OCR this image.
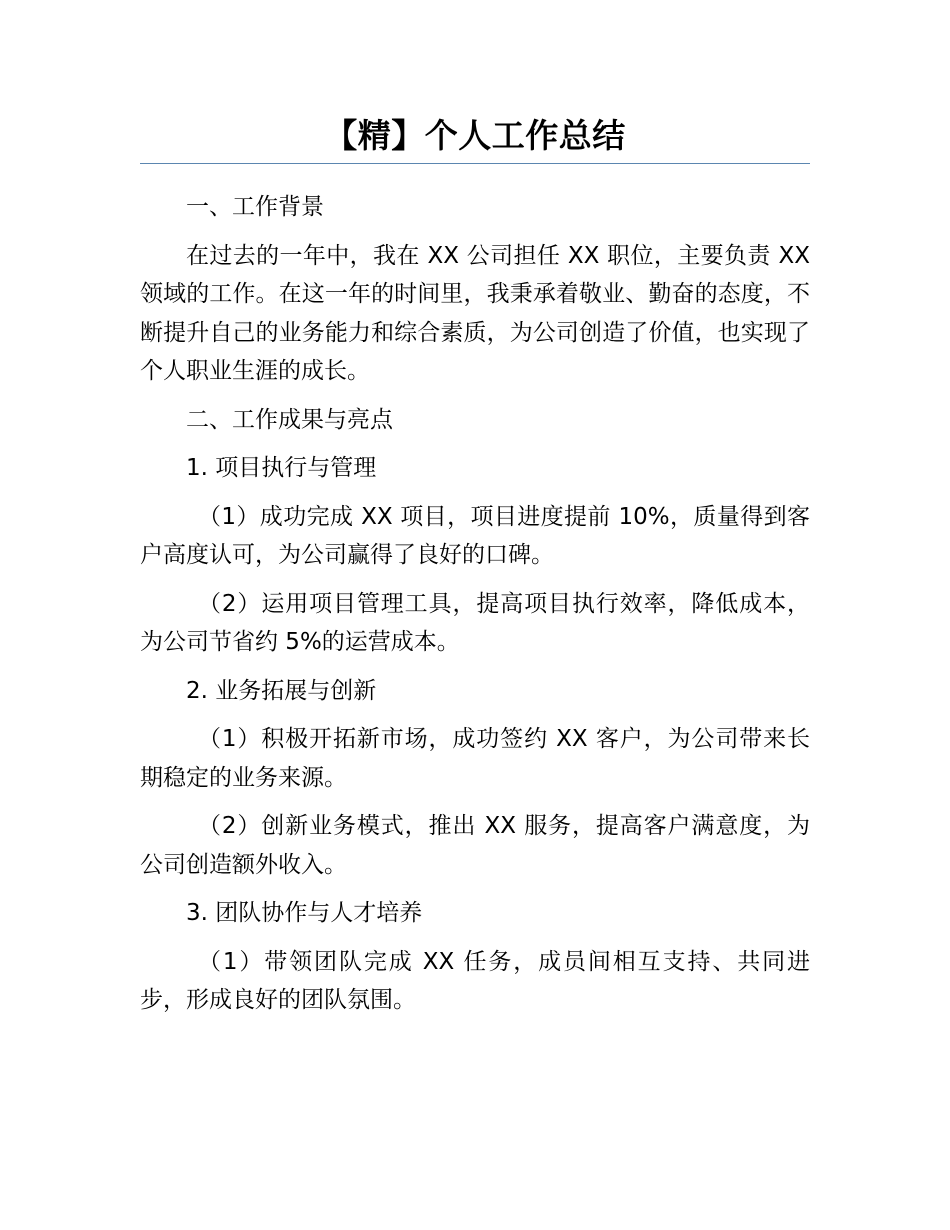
【精】个人工作总结

一、工作背景

在过去的一年中，我在 XX 公司担任 XX 职位，主要负责 XX 领域的工作。在这一年的时间里，我秉承着敬业、勤奋的态度，不断提升自己的业务能力和综合素质，为公司创造了价值，也实现了个人职业生涯的成长。

二、工作成果与亮点

1. 项目执行与管理

（1）成功完成 XX 项目，项目进度提前 10%，质量得到客户高度认可，为公司赢得了良好的口碑。

（2）运用项目管理工具，提高项目执行效率，降低成本，为公司节省约 5%的运营成本。

2. 业务拓展与创新

（1）积极开拓新市场，成功签约 XX 客户，为公司带来长期稳定的业务来源。

（2）创新业务模式，推出 XX 服务，提高客户满意度，为公司创造额外收入。

3. 团队协作与人才培养

（1）带领团队完成 XX 任务，成员间相互支持、共同进步，形成良好的团队氛围。
